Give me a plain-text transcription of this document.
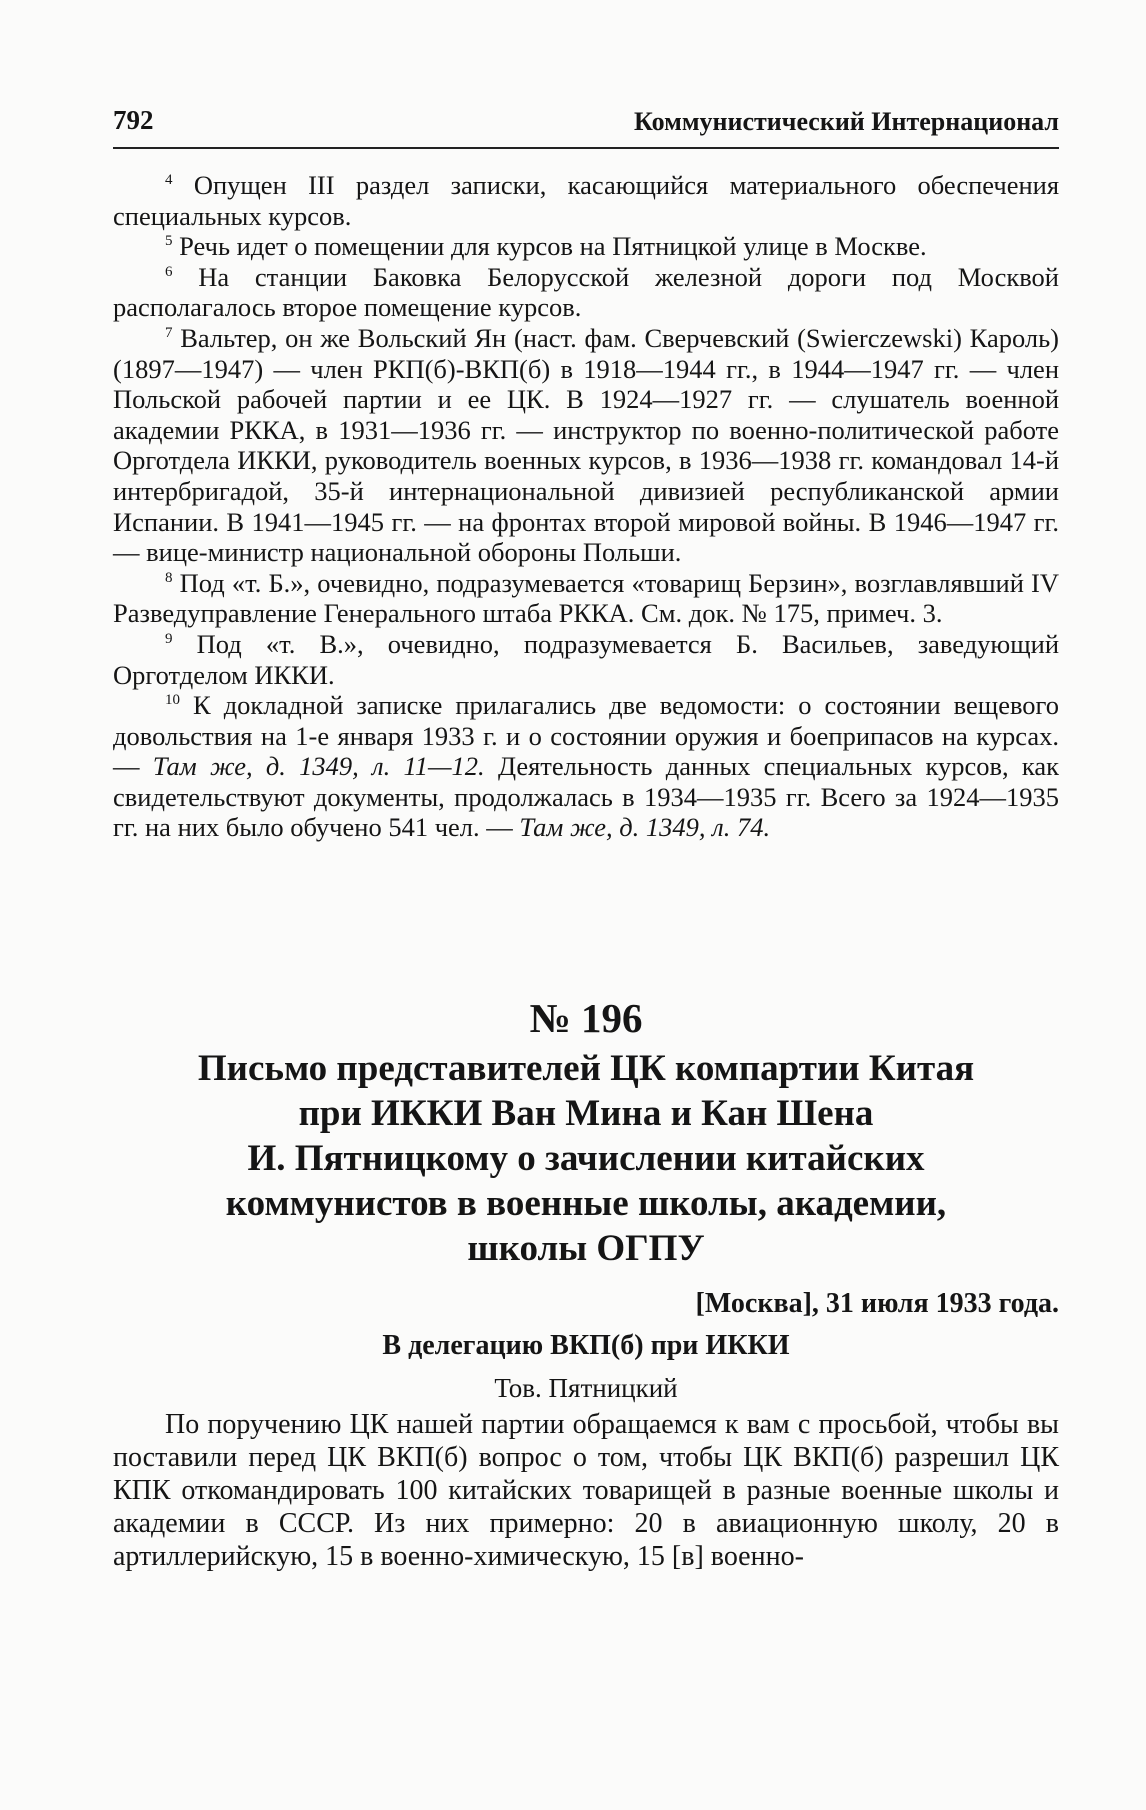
792	Коммунистический Интернационал

$^4$ Опущен III раздел записки, касающийся материального обеспечения специальных курсов.

$^5$ Речь идет о помещении для курсов на Пятницкой улице в Москве.

$^6$ На станции Баковка Белорусской железной дороги под Москвой располагалось второе помещение курсов.

$^7$ Вальтер, он же Вольский Ян (наст. фам. Сверчевский (Swierczewski) Кароль) (1897—1947) — член РКП(б)-ВКП(б) в 1918—1944 гг., в 1944—1947 гг. — член Польской рабочей партии и ее ЦК. В 1924—1927 гг. — слушатель военной академии РККА, в 1931—1936 гг. — инструктор по военно-политической работе Орготдела ИККИ, руководитель военных курсов, в 1936—1938 гг. командовал 14-й интербригадой, 35-й интернациональной дивизией республиканской армии Испании. В 1941—1945 гг. — на фронтах второй мировой войны. В 1946—1947 гг. — вице-министр национальной обороны Польши.

$^8$ Под «т. Б.», очевидно, подразумевается «товарищ Берзин», возглавлявший IV Разведуправление Генерального штаба РККА. См. док. № 175, примеч. 3.

$^9$ Под «т. В.», очевидно, подразумевается Б. Васильев, заведующий Орготделом ИККИ.

$^{10}$ К докладной записке прилагались две ведомости: о состоянии вещевого довольствия на 1-е января 1933 г. и о состоянии оружия и боеприпасов на курсах. — Там же, д. 1349, л. 11—12. Деятельность данных специальных курсов, как свидетельствуют документы, продолжалась в 1934—1935 гг. Всего за 1924—1935 гг. на них было обучено 541 чел. — Там же, д. 1349, л. 74.

№ 196
Письмо представителей ЦК компартии Китая
при ИККИ Ван Мина и Кан Шена
И. Пятницкому о зачислении китайских
коммунистов в военные школы, академии,
школы ОГПУ
[Москва], 31 июля 1933 года.
В делегацию ВКП(б) при ИККИ
Тов. Пятницкий

По поручению ЦК нашей партии обращаемся к вам с просьбой, чтобы вы поставили перед ЦК ВКП(б) вопрос о том, чтобы ЦК ВКП(б) разрешил ЦК КПК откомандировать 100 китайских товарищей в разные военные школы и академии в СССР. Из них примерно: 20 в авиационную школу, 20 в артиллерийскую, 15 в военно-химическую, 15 [в] военно-
